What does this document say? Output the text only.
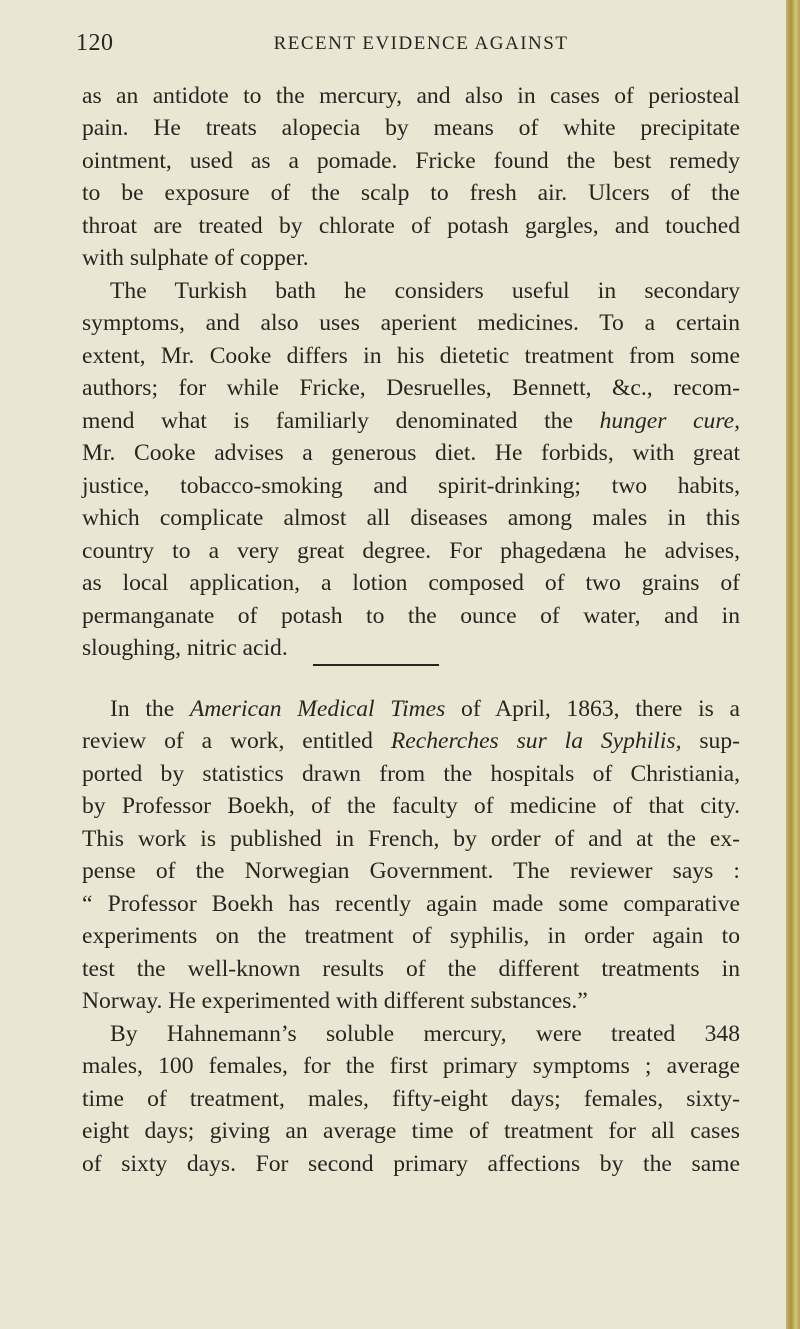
120	RECENT EVIDENCE AGAINST
as an antidote to the mercury, and also in cases of periosteal
pain. He treats alopecia by means of white precipitate
ointment, used as a pomade. Fricke found the best remedy
to be exposure of the scalp to fresh air. Ulcers of the
throat are treated by chlorate of potash gargles, and touched
with sulphate of copper.
The Turkish bath he considers useful in secondary
symptoms, and also uses aperient medicines. To a certain
extent, Mr. Cooke differs in his dietetic treatment from some
authors; for while Fricke, Desruelles, Bennett, &c., recom-
mend what is familiarly denominated the hunger cure,
Mr. Cooke advises a generous diet. He forbids, with great
justice, tobacco-smoking and spirit-drinking; two habits,
which complicate almost all diseases among males in this
country to a very great degree. For phagedæna he advises,
as local application, a lotion composed of two grains of
permanganate of potash to the ounce of water, and in
sloughing, nitric acid.
In the American Medical Times of April, 1863, there is a
review of a work, entitled Recherches sur la Syphilis, sup-
ported by statistics drawn from the hospitals of Christiania,
by Professor Boekh, of the faculty of medicine of that city.
This work is published in French, by order of and at the ex-
pense of the Norwegian Government. The reviewer says :
“ Professor Boekh has recently again made some comparative
experiments on the treatment of syphilis, in order again to
test the well-known results of the different treatments in
Norway. He experimented with different substances.”
By Hahnemann’s soluble mercury, were treated 348
males, 100 females, for the first primary symptoms ; average
time of treatment, males, fifty-eight days; females, sixty-
eight days; giving an average time of treatment for all cases
of sixty days. For second primary affections by the same
